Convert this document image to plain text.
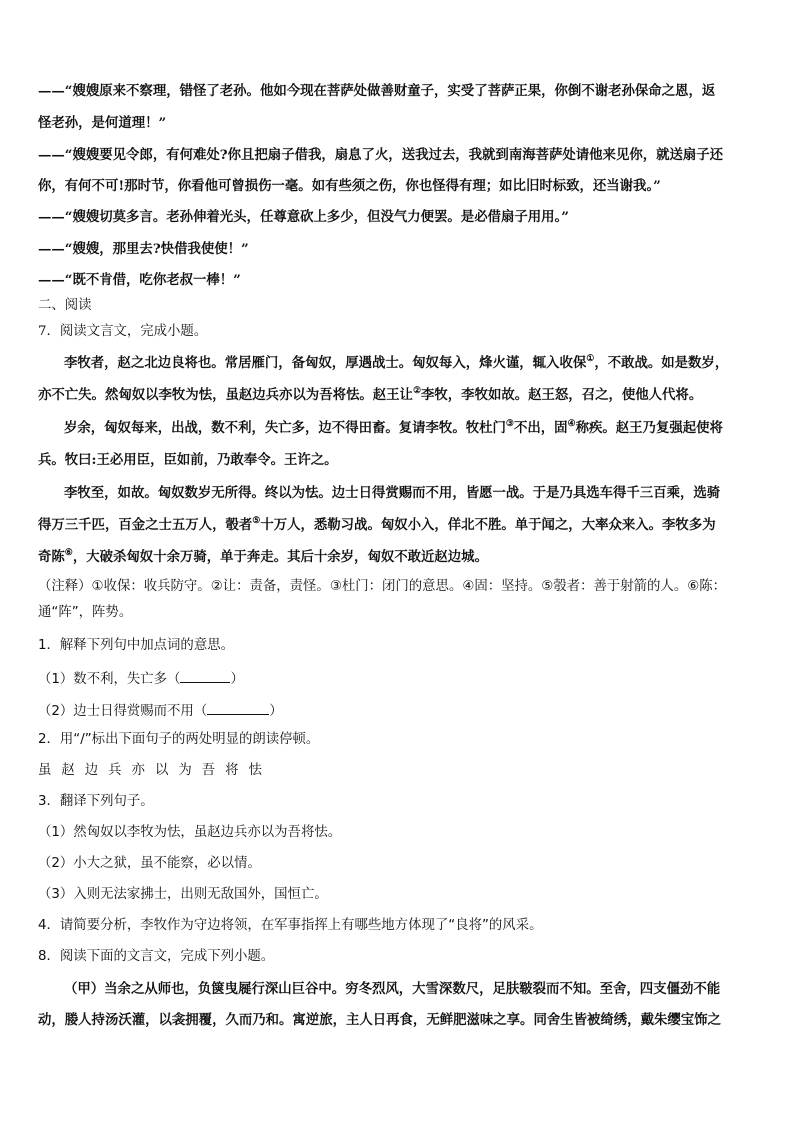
——“嫂嫂原来不察理，错怪了老孙。他如今现在菩萨处做善财童子，实受了菩萨正果，你倒不谢老孙保命之恩，返
怪老孙，是何道理！”
——“嫂嫂要见令郎，有何难处?你且把扇子借我，扇息了火，送我过去，我就到南海菩萨处请他来见你，就送扇子还
你，有何不可!那时节，你看他可曾损伤一毫。如有些须之伤，你也怪得有理；如比旧时标致，还当谢我。”
——“嫂嫂切莫多言。老孙伸着光头，任尊意砍上多少，但没气力便罢。是必借扇子用用。”
——“嫂嫂，那里去?快借我使使！”
——“既不肯借，吃你老叔一棒！”
二、阅读
7．阅读文言文，完成小题。
李牧者，赵之北边良将也。常居雁门，备匈奴，厚遇战士。匈奴每入，烽火谨，辄入收保①，不敢战。如是数岁，
亦不亡失。然匈奴以李牧为怯，虽赵边兵亦以为吾将怯。赵王让②李牧，李牧如故。赵王怒，召之，使他人代将。
岁余，匈奴每来，出战，数不利，失亡多，边不得田畜。复请李牧。牧杜门③不出，固④称疾。赵王乃复强起使将
兵。牧曰:王必用臣，臣如前，乃敢奉令。王许之。
李牧至，如故。匈奴数岁无所得。终以为怯。边士日得赏赐而不用，皆愿一战。于是乃具选车得千三百乘，选骑
得万三千匹，百金之士五万人，彀者⑤十万人，悉勒习战。匈奴小入，佯北不胜。单于闻之，大率众来入。李牧多为
奇陈⑥，大破杀匈奴十余万骑，单于奔走。其后十余岁，匈奴不敢近赵边城。
（注释）①收保：收兵防守。②让：责备，责怪。③杜门：闭门的意思。④固：坚持。⑤彀者：善于射箭的人。⑥陈：
通“阵”，阵势。
1．解释下列句中加点词的意思。
（1）数不利，失亡多（	）
（2）边士日得赏赐而不用（	）
2．用“/”标出下面句子的两处明显的朗读停顿。
虽赵边兵亦以为吾将怯
3．翻译下列句子。
（1）然匈奴以李牧为怯，虽赵边兵亦以为吾将怯。
（2）小大之狱，虽不能察，必以情。
（3）入则无法家拂士，出则无敌国外，国恒亡。
4．请简要分析，李牧作为守边将领，在军事指挥上有哪些地方体现了“良将”的风采。
8．阅读下面的文言文，完成下列小题。
（甲）当余之从师也，负箧曳屣行深山巨谷中。穷冬烈风，大雪深数尺，足肤皲裂而不知。至舍，四支僵劲不能
动，媵人持汤沃灌，以衾拥覆，久而乃和。寓逆旅，主人日再食，无鲜肥滋味之享。同舍生皆被绮绣，戴朱缨宝饰之
